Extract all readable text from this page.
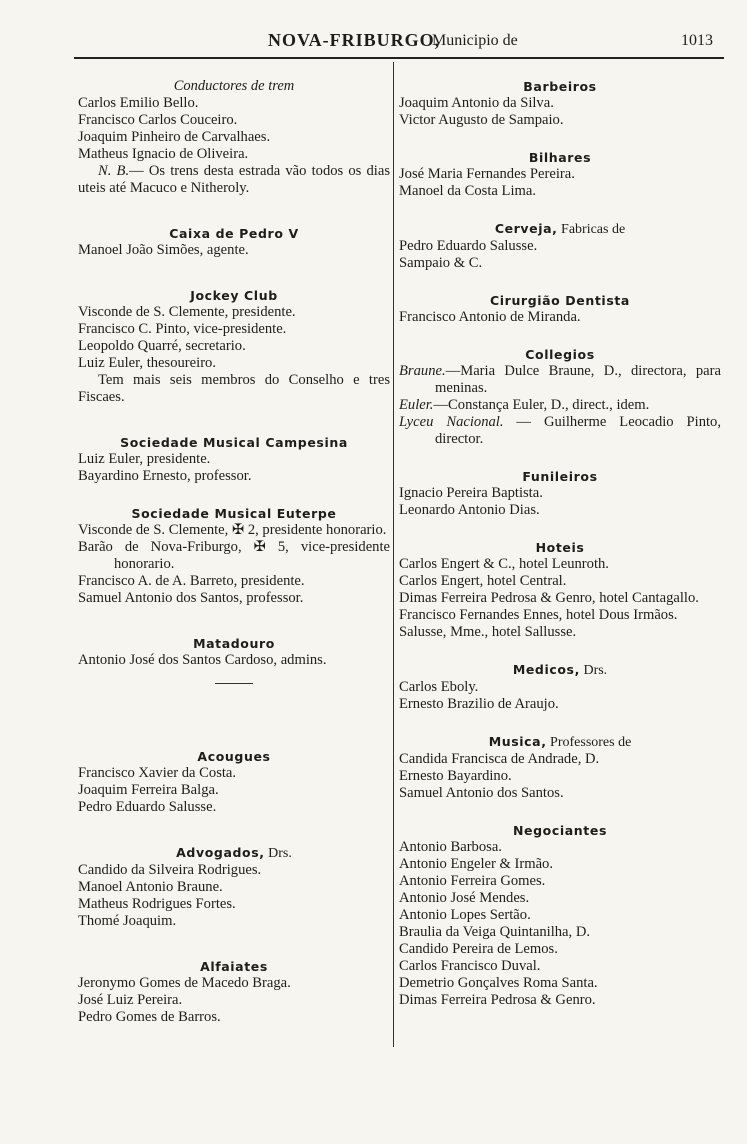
NOVA-FRIBURGO,
Municipio de	1013
Conductores de trem
Carlos Emilio Bello.
Francisco Carlos Couceiro.
Joaquim Pinheiro de Carvalhaes.
Matheus Ignacio de Oliveira.
N. B.— Os trens desta estrada vão todos os dias uteis até Macuco e Nitheroly.
Caixa de Pedro V
Manoel João Simões, agente.
Jockey Club
Visconde de S. Clemente, presidente.
Francisco C. Pinto, vice-presidente.
Leopoldo Quarré, secretario.
Luiz Euler, thesoureiro.
Tem mais seis membros do Conselho e tres Fiscaes.
Sociedade Musical Campesina
Luiz Euler, presidente.
Bayardino Ernesto, professor.
Sociedade Musical Euterpe
Visconde de S. Clemente, ✠ 2, presidente honorario.
Barão de Nova-Friburgo, ✠ 5, vice-presidente honorario.
Francisco A. de A. Barreto, presidente.
Samuel Antonio dos Santos, professor.
Matadouro
Antonio José dos Santos Cardoso, admins.
Acougues
Francisco Xavier da Costa.
Joaquim Ferreira Balga.
Pedro Eduardo Salusse.
Advogados, Drs.
Candido da Silveira Rodrigues.
Manoel Antonio Braune.
Matheus Rodrigues Fortes.
Thomé Joaquim.
Alfaiates
Jeronymo Gomes de Macedo Braga.
José Luiz Pereira.
Pedro Gomes de Barros.
Barbeiros
Joaquim Antonio da Silva.
Victor Augusto de Sampaio.
Bilhares
José Maria Fernandes Pereira.
Manoel da Costa Lima.
Cerveja, Fabricas de
Pedro Eduardo Salusse.
Sampaio & C.
Cirurgião Dentista
Francisco Antonio de Miranda.
Collegios
Braune.—Maria Dulce Braune, D., directora, para meninas.
Euler.—Constança Euler, D., direct., idem.
Lyceu Nacional. — Guilherme Leocadio Pinto, director.
Funileiros
Ignacio Pereira Baptista.
Leonardo Antonio Dias.
Hoteis
Carlos Engert & C., hotel Leunroth.
Carlos Engert, hotel Central.
Dimas Ferreira Pedrosa & Genro, hotel Cantagallo.
Francisco Fernandes Ennes, hotel Dous Irmãos.
Salusse, Mme., hotel Sallusse.
Medicos, Drs.
Carlos Eboly.
Ernesto Brazilio de Araujo.
Musica, Professores de
Candida Francisca de Andrade, D.
Ernesto Bayardino.
Samuel Antonio dos Santos.
Negociantes
Antonio Barbosa.
Antonio Engeler & Irmão.
Antonio Ferreira Gomes.
Antonio José Mendes.
Antonio Lopes Sertão.
Braulia da Veiga Quintanilha, D.
Candido Pereira de Lemos.
Carlos Francisco Duval.
Demetrio Gonçalves Roma Santa.
Dimas Ferreira Pedrosa & Genro.
